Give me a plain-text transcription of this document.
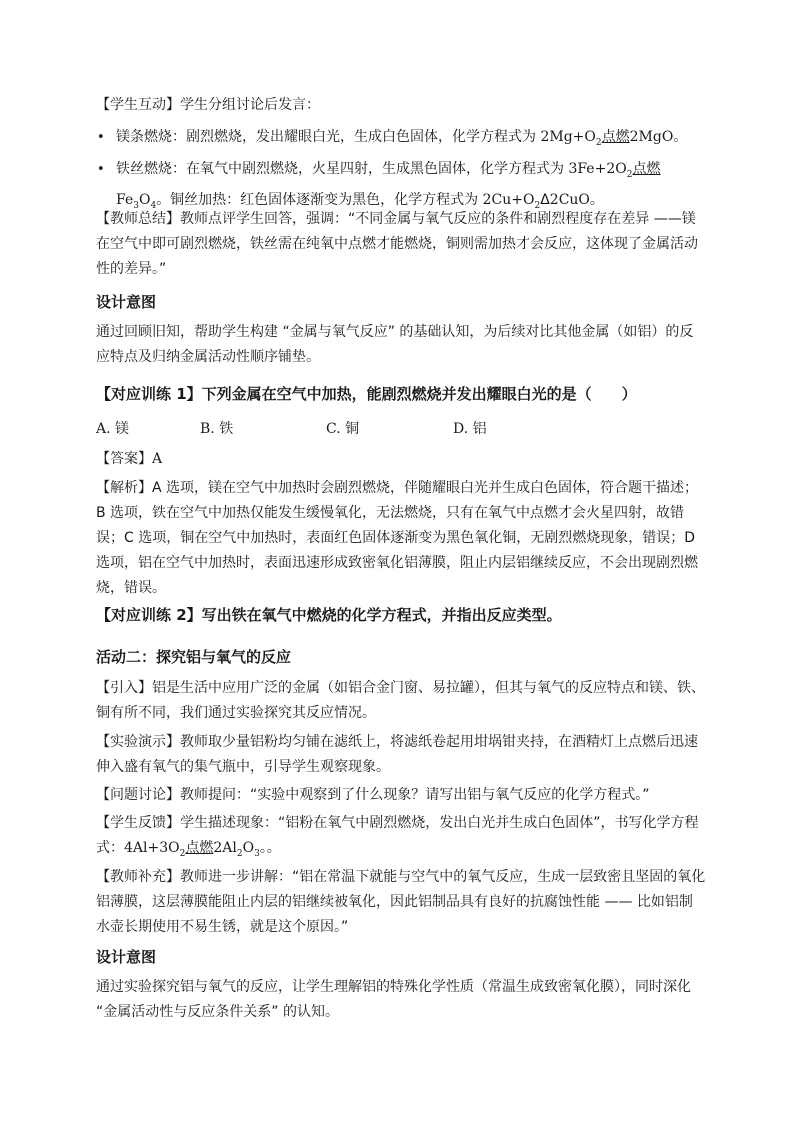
【学生互动】学生分组讨论后发言：

• 镁条燃烧：剧烈燃烧，发出耀眼白光，生成白色固体，化学方程式为 $2Mg+O_2$点燃2MgO。

• 铁丝燃烧：在氧气中剧烈燃烧，火星四射，生成黑色固体，化学方程式为 $3Fe+2O_2$点燃
$Fe_3O_4$。铜丝加热：红色固体逐渐变为黑色，化学方程式为 $2Cu+O_2\Delta 2CuO$。

【教师总结】教师点评学生回答，强调：“不同金属与氧气反应的条件和剧烈程度存在差异 ——镁在空气中即可剧烈燃烧，铁丝需在纯氧中点燃才能燃烧，铜则需加热才会反应，这体现了金属活动性的差异。”

设计意图

通过回顾旧知，帮助学生构建 “金属与氧气反应” 的基础认知，为后续对比其他金属（如铝）的反应特点及归纳金属活动性顺序铺垫。

【对应训练 1】下列金属在空气中加热，能剧烈燃烧并发出耀眼白光的是（　　）

A. 镁	B. 铁	C. 铜	D. 铝

【答案】A

【解析】A 选项，镁在空气中加热时会剧烈燃烧，伴随耀眼白光并生成白色固体，符合题干描述；B 选项，铁在空气中加热仅能发生缓慢氧化，无法燃烧，只有在氧气中点燃才会火星四射，故错误；C 选项，铜在空气中加热时，表面红色固体逐渐变为黑色氧化铜，无剧烈燃烧现象，错误；D 选项，铝在空气中加热时，表面迅速形成致密氧化铝薄膜，阻止内层铝继续反应，不会出现剧烈燃烧，错误。

【对应训练 2】写出铁在氧气中燃烧的化学方程式，并指出反应类型。

活动二：探究铝与氧气的反应

【引入】铝是生活中应用广泛的金属（如铝合金门窗、易拉罐），但其与氧气的反应特点和镁、铁、铜有所不同，我们通过实验探究其反应情况。

【实验演示】教师取少量铝粉均匀铺在滤纸上，将滤纸卷起用坩埚钳夹持，在酒精灯上点燃后迅速伸入盛有氧气的集气瓶中，引导学生观察现象。

【问题讨论】教师提问：“实验中观察到了什么现象？请写出铝与氧气反应的化学方程式。”

【学生反馈】学生描述现象：“铝粉在氧气中剧烈燃烧，发出白光并生成白色固体”，书写化学方程式：$4Al+3O_2$点燃$2Al_2O_3$。。

【教师补充】教师进一步讲解：“铝在常温下就能与空气中的氧气反应，生成一层致密且坚固的氧化铝薄膜，这层薄膜能阻止内层的铝继续被氧化，因此铝制品具有良好的抗腐蚀性能 —— 比如铝制水壶长期使用不易生锈，就是这个原因。”

设计意图

通过实验探究铝与氧气的反应，让学生理解铝的特殊化学性质（常温生成致密氧化膜），同时深化 “金属活动性与反应条件关系” 的认知。
